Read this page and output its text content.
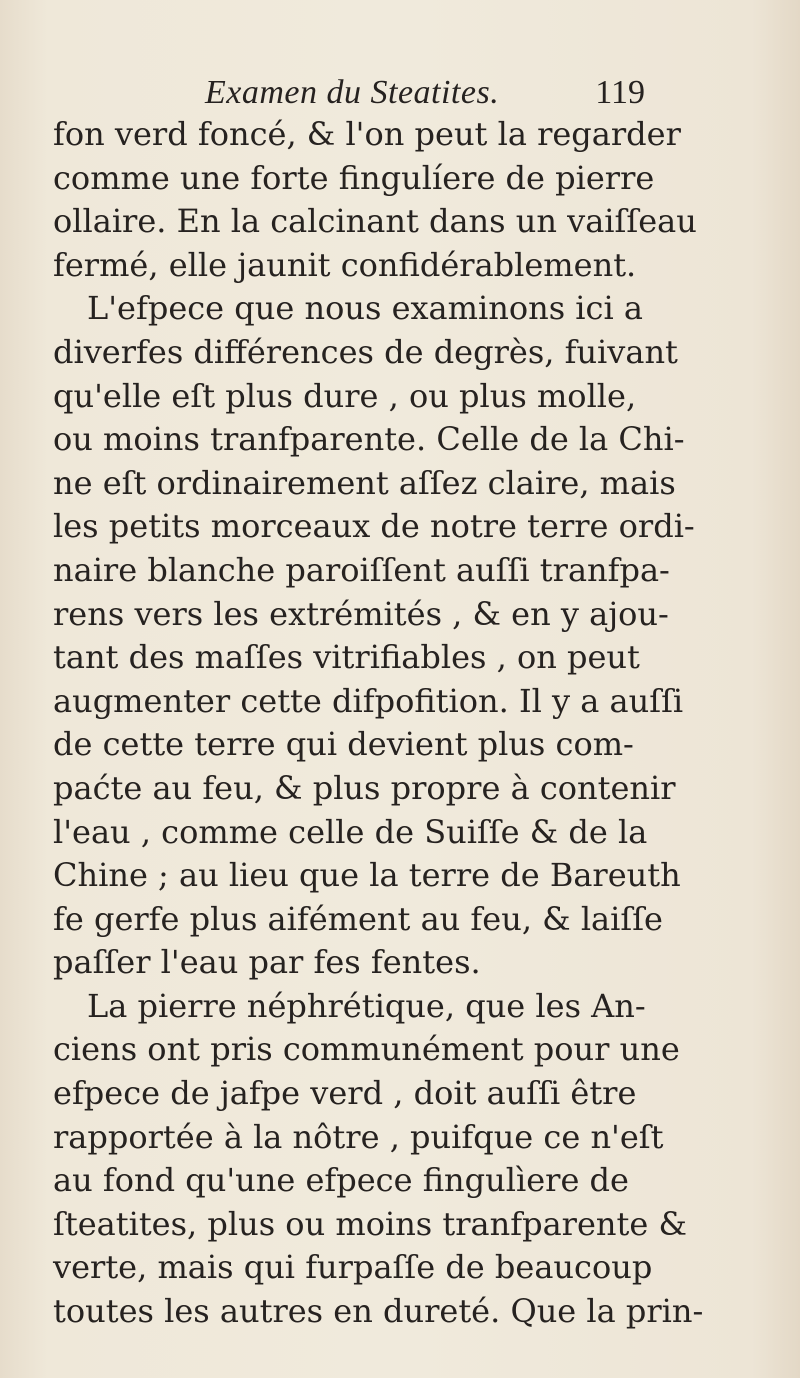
Examen du Steatites.	119
fon verd foncé, & l'on peut la regarder
comme une forte fingulíere de pierre
ollaire. En la calcinant dans un vaiſſeau
fermé, elle jaunit confidérablement.
L'efpece que nous examinons ici a
diverfes différences de degrès, fuivant
qu'elle eſt plus dure , ou plus molle,
ou moins tranfparente. Celle de la Chi-
ne eſt ordinairement aſſez claire, mais
les petits morceaux de notre terre ordi-
naire blanche paroiſſent auſſi tranfpa-
rens vers les extrémités , & en y ajou-
tant des maſſes vitrifiables , on peut
augmenter cette difpofition. Il y a auſſi
de cette terre qui devient plus com-
paćte au feu, & plus propre à contenir
l'eau , comme celle de Suiſſe & de la
Chine ; au lieu que la terre de Bareuth
fe gerfe plus aifément au feu, & laiſſe
paſſer l'eau par fes fentes.
La pierre néphrétique, que les An-
ciens ont pris communément pour une
efpece de jafpe verd , doit auſſi être
rapportée à la nôtre , puifque ce n'eſt
au fond qu'une efpece fingulìere de
ſteatites, plus ou moins tranfparente &
verte, mais qui furpaſſe de beaucoup
toutes les autres en dureté. Que la prin-
